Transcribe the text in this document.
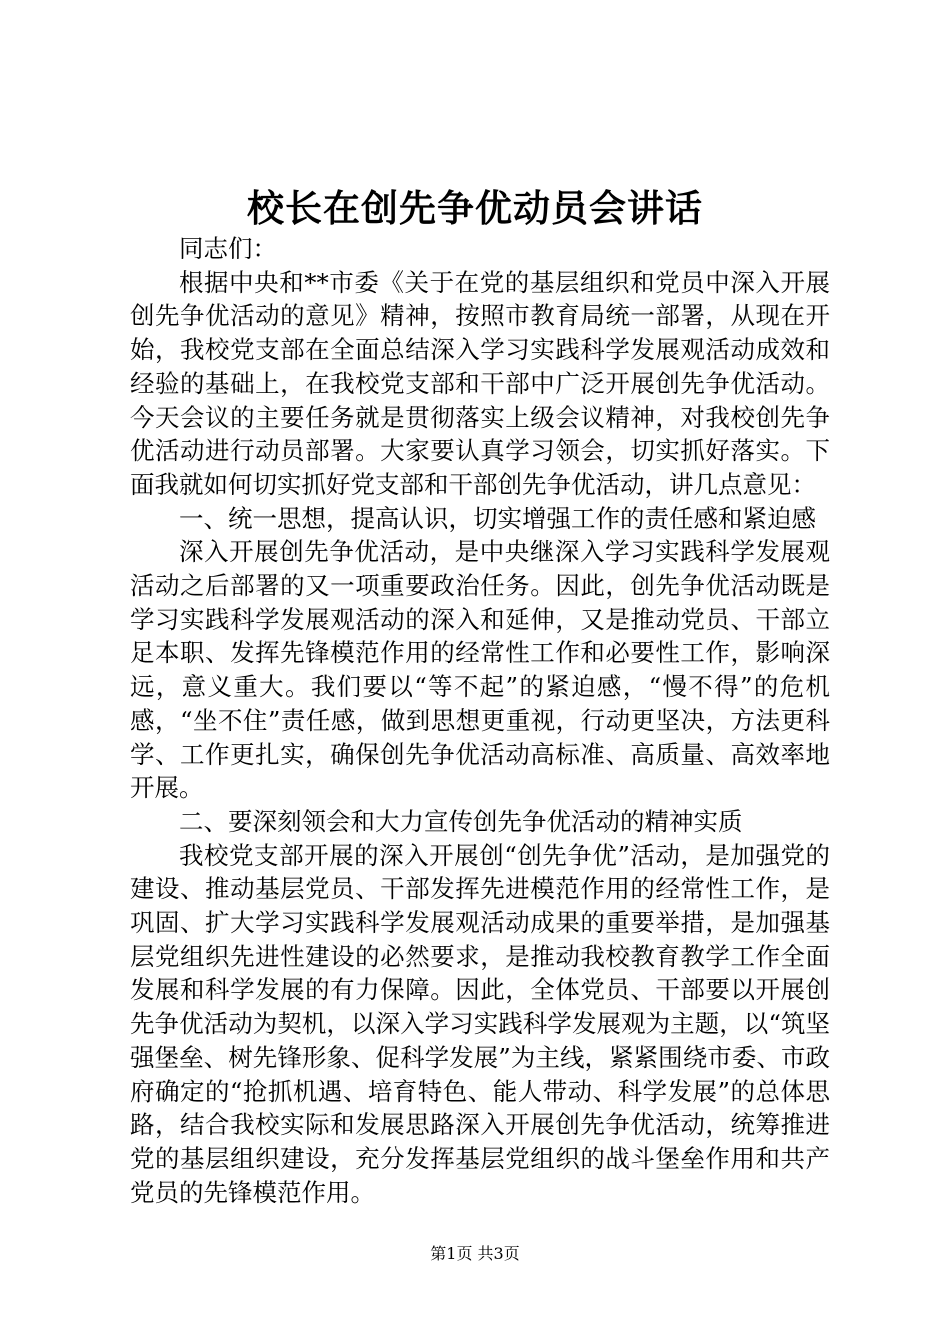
校长在创先争优动员会讲话

同志们：

根据中央和**市委《关于在党的基层组织和党员中深入开展创先争优活动的意见》精神，按照市教育局统一部署，从现在开始，我校党支部在全面总结深入学习实践科学发展观活动成效和经验的基础上，在我校党支部和干部中广泛开展创先争优活动。今天会议的主要任务就是贯彻落实上级会议精神，对我校创先争优活动进行动员部署。大家要认真学习领会，切实抓好落实。下面我就如何切实抓好党支部和干部创先争优活动，讲几点意见：

一、统一思想，提高认识，切实增强工作的责任感和紧迫感

深入开展创先争优活动，是中央继深入学习实践科学发展观活动之后部署的又一项重要政治任务。因此，创先争优活动既是学习实践科学发展观活动的深入和延伸，又是推动党员、干部立足本职、发挥先锋模范作用的经常性工作和必要性工作，影响深远，意义重大。我们要以“等不起”的紧迫感，“慢不得”的危机感，“坐不住”责任感，做到思想更重视，行动更坚决，方法更科学、工作更扎实，确保创先争优活动高标准、高质量、高效率地开展。

二、要深刻领会和大力宣传创先争优活动的精神实质

我校党支部开展的深入开展创“创先争优”活动，是加强党的建设、推动基层党员、干部发挥先进模范作用的经常性工作，是巩固、扩大学习实践科学发展观活动成果的重要举措，是加强基层党组织先进性建设的必然要求，是推动我校教育教学工作全面发展和科学发展的有力保障。因此，全体党员、干部要以开展创先争优活动为契机，以深入学习实践科学发展观为主题，以“筑坚强堡垒、树先锋形象、促科学发展”为主线，紧紧围绕市委、市政府确定的“抢抓机遇、培育特色、能人带动、科学发展”的总体思路，结合我校实际和发展思路深入开展创先争优活动，统筹推进党的基层组织建设，充分发挥基层党组织的战斗堡垒作用和共产党员的先锋模范作用。

第1页 共3页
